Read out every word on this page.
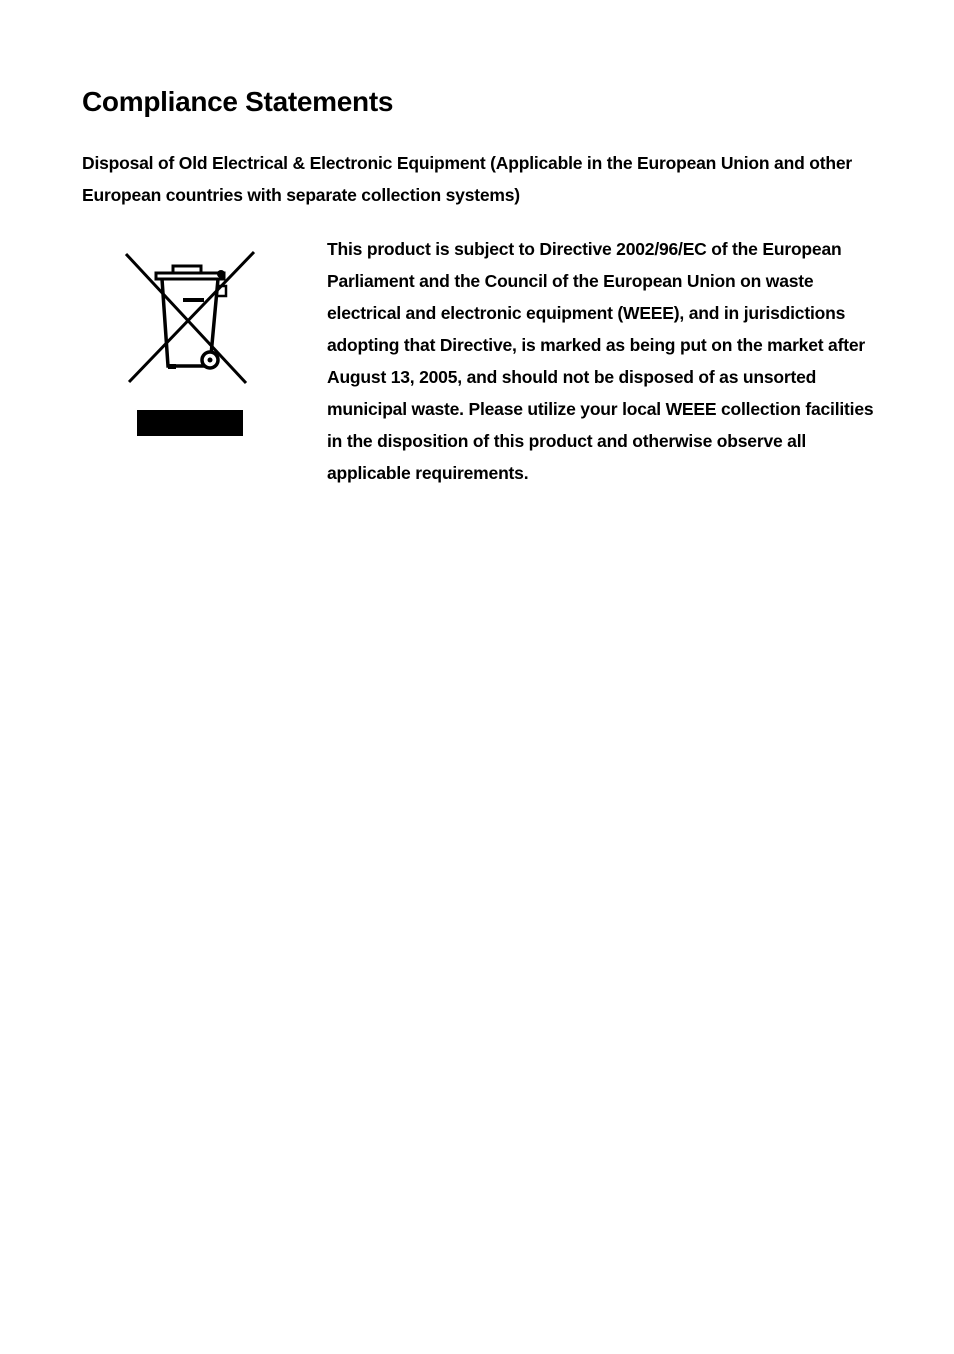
Compliance Statements

Disposal of Old Electrical & Electronic Equipment (Applicable in the European Union and other European countries with separate collection systems)

This product is subject to Directive 2002/96/EC of the European Parliament and the Council of the European Union on waste electrical and electronic equipment (WEEE), and in jurisdictions adopting that Directive, is marked as being put on the market after August 13, 2005, and should not be disposed of as unsorted municipal waste. Please utilize your local WEEE collection facilities in the disposition of this product and otherwise observe all applicable requirements.
